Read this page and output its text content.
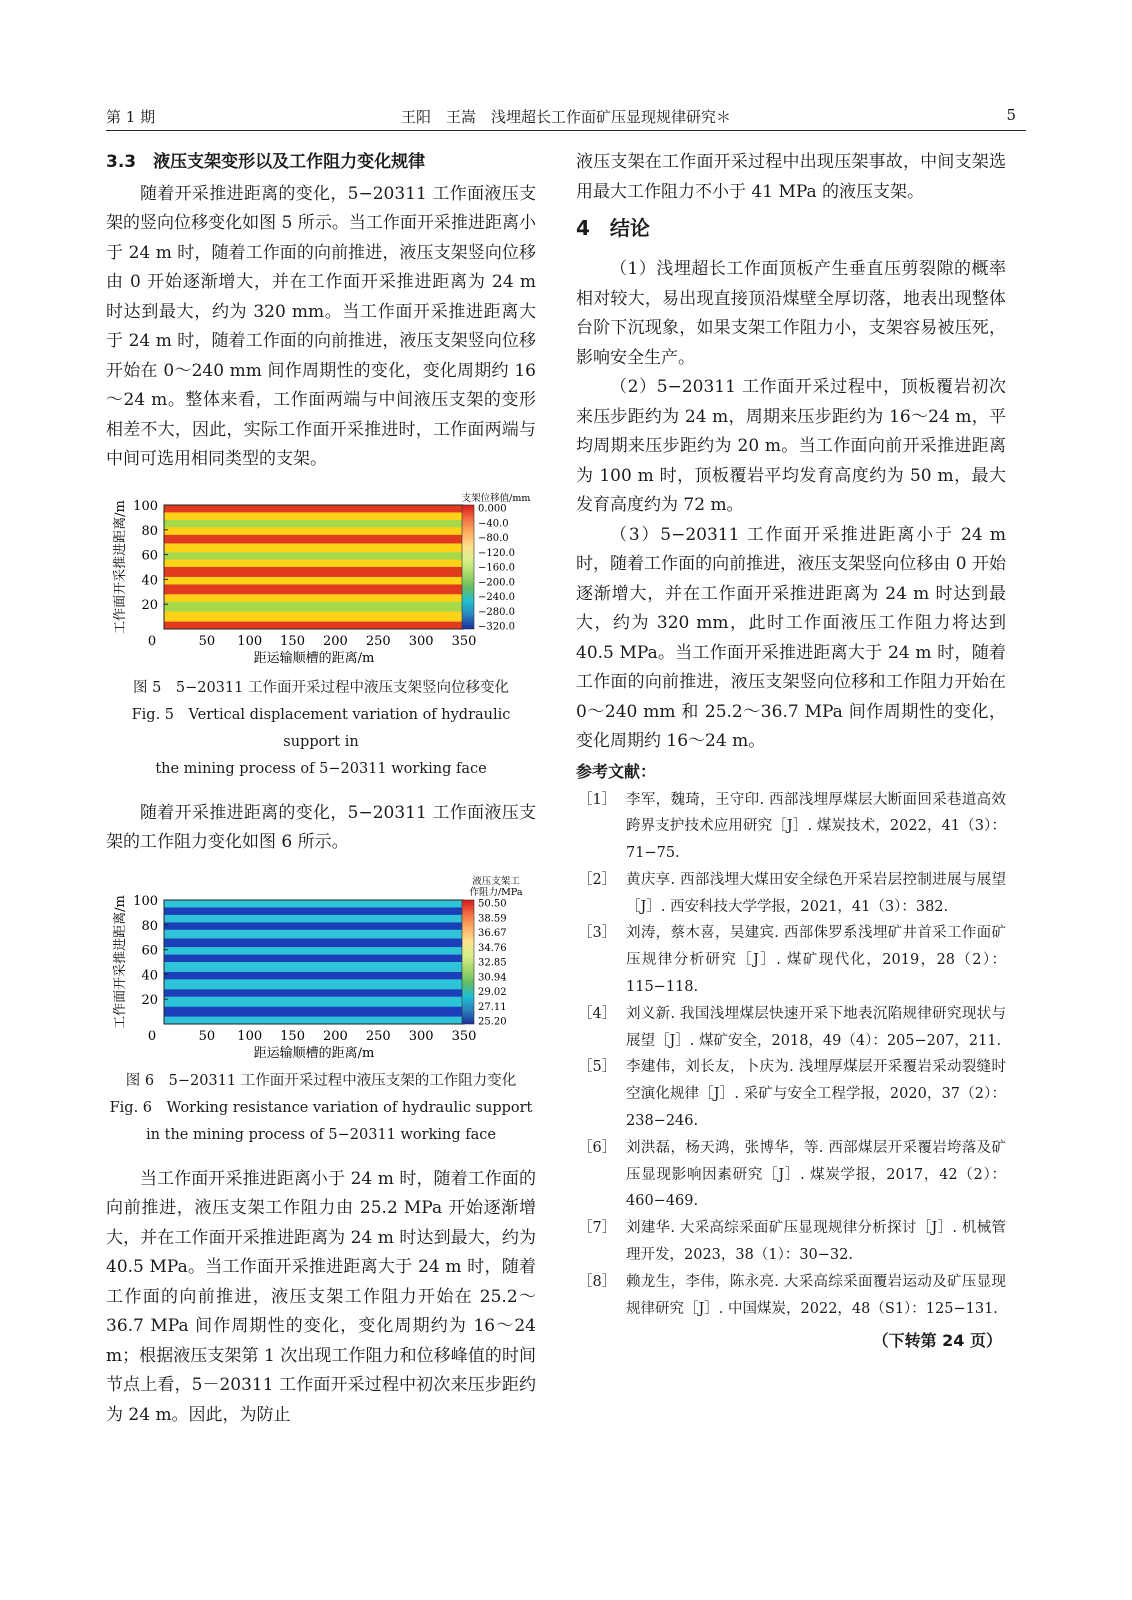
第 1 期	王阳　王嵩　浅埋超长工作面矿压显现规律研究＊	5
3.3　液压支架变形以及工作阻力变化规律

随着开采推进距离的变化，5−20311 工作面液压支架的竖向位移变化如图 5 所示。当工作面开采推进距离小于 24 m 时，随着工作面的向前推进，液压支架竖向位移由 0 开始逐渐增大，并在工作面开采推进距离为 24 m 时达到最大，约为 320 mm。当工作面开采推进距离大于 24 m 时，随着工作面的向前推进，液压支架竖向位移开始在 0～240 mm 间作周期性的变化，变化周期约 16～24 m。整体来看，工作面两端与中间液压支架的变形相差不大，因此，实际工作面开采推进时，工作面两端与中间可选用相同类型的支架。

20
40
60
80
100
0	50 100 150 200 250 300 350
距运输顺槽的距离/m
工作面开采推进距离/m
支架位移值/mm
0.000
−40.0
−80.0
−120.0
−160.0
−200.0
−240.0
−280.0
−320.0
图 5　5−20311 工作面开采过程中液压支架竖向位移变化
Fig. 5　Vertical displacement variation of hydraulic support in
the mining process of 5−20311 working face

随着开采推进距离的变化，5−20311 工作面液压支架的工作阻力变化如图 6 所示。

20
40
60
80
100
0	50 100 150 200 250 300 350
距运输顺槽的距离/m
工作面开采推进距离/m
液压支架工
作阻力/MPa
50.50
38.59
36.67
34.76
32.85
30.94
29.02
27.11
25.20
图 6　5−20311 工作面开采过程中液压支架的工作阻力变化
Fig. 6　Working resistance variation of hydraulic support
in the mining process of 5−20311 working face

当工作面开采推进距离小于 24 m 时，随着工作面的向前推进，液压支架工作阻力由 25.2 MPa 开始逐渐增大，并在工作面开采推进距离为 24 m 时达到最大，约为 40.5 MPa。当工作面开采推进距离大于 24 m 时，随着工作面的向前推进，液压支架工作阻力开始在 25.2～36.7 MPa 间作周期性的变化，变化周期约为 16～24 m；根据液压支架第 1 次出现工作阻力和位移峰值的时间节点上看，5－20311 工作面开采过程中初次来压步距约为 24 m。因此，为防止

液压支架在工作面开采过程中出现压架事故，中间支架选用最大工作阻力不小于 41 MPa 的液压支架。

4　结论

（1）浅埋超长工作面顶板产生垂直压剪裂隙的概率相对较大，易出现直接顶沿煤壁全厚切落，地表出现整体台阶下沉现象，如果支架工作阻力小，支架容易被压死，影响安全生产。

（2）5−20311 工作面开采过程中，顶板覆岩初次来压步距约为 24 m，周期来压步距约为 16～24 m，平均周期来压步距约为 20 m。当工作面向前开采推进距离为 100 m 时，顶板覆岩平均发育高度约为 50 m，最大发育高度约为 72 m。

（3）5−20311 工作面开采推进距离小于 24 m 时，随着工作面的向前推进，液压支架竖向位移由 0 开始逐渐增大，并在工作面开采推进距离为 24 m 时达到最大，约为 320 mm，此时工作面液压工作阻力将达到 40.5 MPa。当工作面开采推进距离大于 24 m 时，随着工作面的向前推进，液压支架竖向位移和工作阻力开始在 0～240 mm 和 25.2～36.7 MPa 间作周期性的变化，变化周期约 16～24 m。

参考文献：
［1］ 李军，魏琦，王守印. 西部浅埋厚煤层大断面回采巷道高效跨界支护技术应用研究［J］. 煤炭技术，2022，41（3）：71−75.
［2］ 黄庆享. 西部浅埋大煤田安全绿色开采岩层控制进展与展望［J］. 西安科技大学学报，2021，41（3）：382.
［3］ 刘涛，蔡木喜，吴建宾. 西部侏罗系浅埋矿井首采工作面矿压规律分析研究［J］. 煤矿现代化，2019，28（2）：115−118.
［4］ 刘义新. 我国浅埋煤层快速开采下地表沉陷规律研究现状与展望［J］. 煤矿安全，2018，49（4）：205−207，211.
［5］ 李建伟，刘长友，卜庆为. 浅埋厚煤层开采覆岩采动裂缝时空演化规律［J］. 采矿与安全工程学报，2020，37（2）：238−246.
［6］ 刘洪磊，杨天鸿，张博华，等. 西部煤层开采覆岩垮落及矿压显现影响因素研究［J］. 煤炭学报，2017，42（2）：460−469.
［7］ 刘建华. 大采高综采面矿压显现规律分析探讨［J］. 机械管理开发，2023，38（1）：30−32.
［8］ 赖龙生，李伟，陈永亮. 大采高综采面覆岩运动及矿压显现规律研究［J］. 中国煤炭，2022，48（S1）：125−131.
（下转第 24 页）
